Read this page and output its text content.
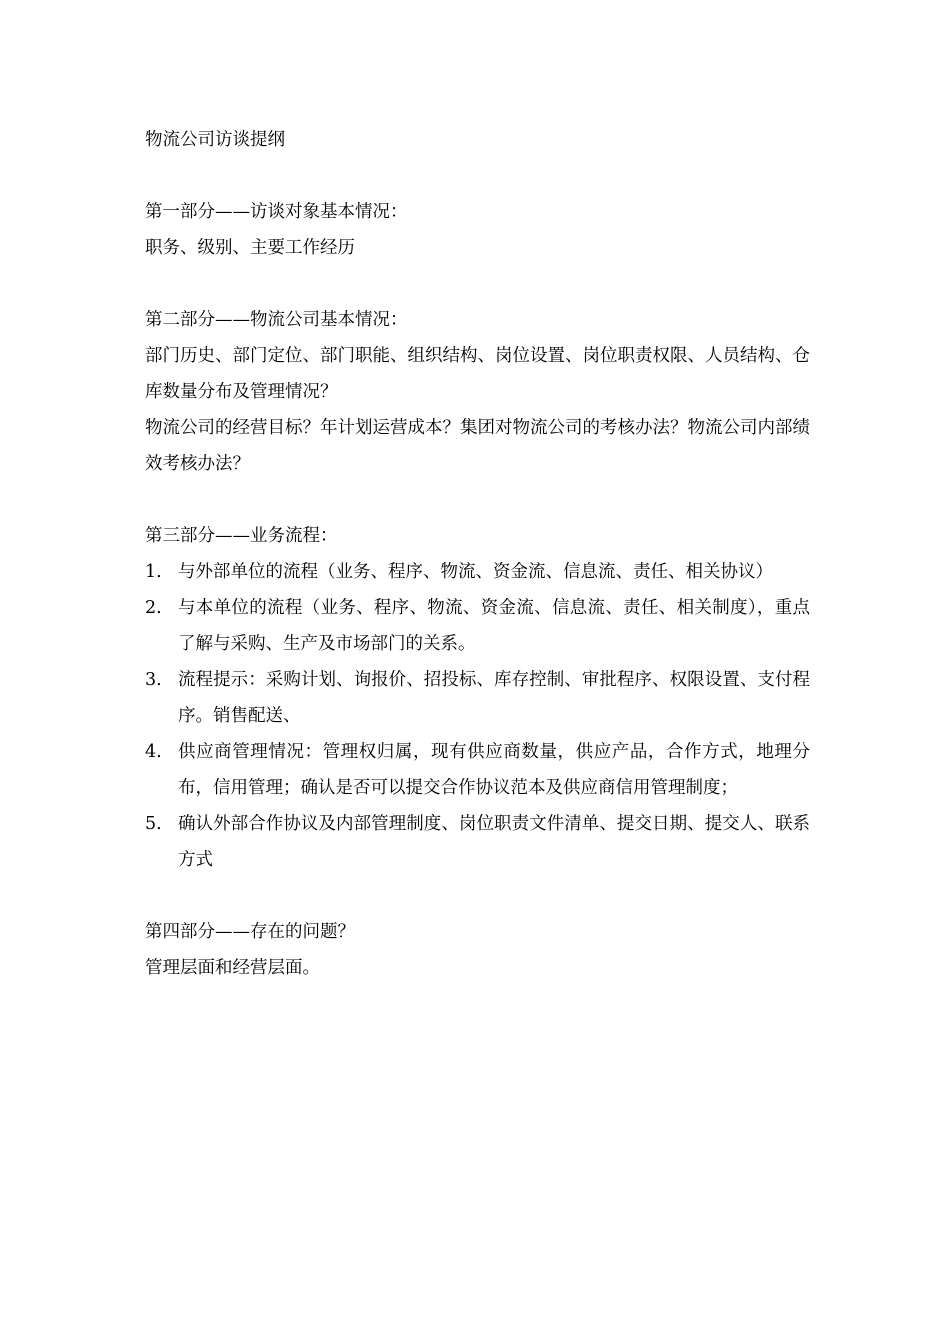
物流公司访谈提纲

第一部分——访谈对象基本情况：

职务、级别、主要工作经历

第二部分——物流公司基本情况：

部门历史、部门定位、部门职能、组织结构、岗位设置、岗位职责权限、人员结构、仓库数量分布及管理情况？

物流公司的经营目标？年计划运营成本？集团对物流公司的考核办法？物流公司内部绩效考核办法？

第三部分——业务流程：

1. 与外部单位的流程（业务、程序、物流、资金流、信息流、责任、相关协议）
2. 与本单位的流程（业务、程序、物流、资金流、信息流、责任、相关制度），重点了解与采购、生产及市场部门的关系。
3. 流程提示：采购计划、询报价、招投标、库存控制、审批程序、权限设置、支付程序。销售配送、
4. 供应商管理情况：管理权归属，现有供应商数量，供应产品，合作方式，地理分布，信用管理；确认是否可以提交合作协议范本及供应商信用管理制度；
5. 确认外部合作协议及内部管理制度、岗位职责文件清单、提交日期、提交人、联系方式

第四部分——存在的问题？

管理层面和经营层面。
